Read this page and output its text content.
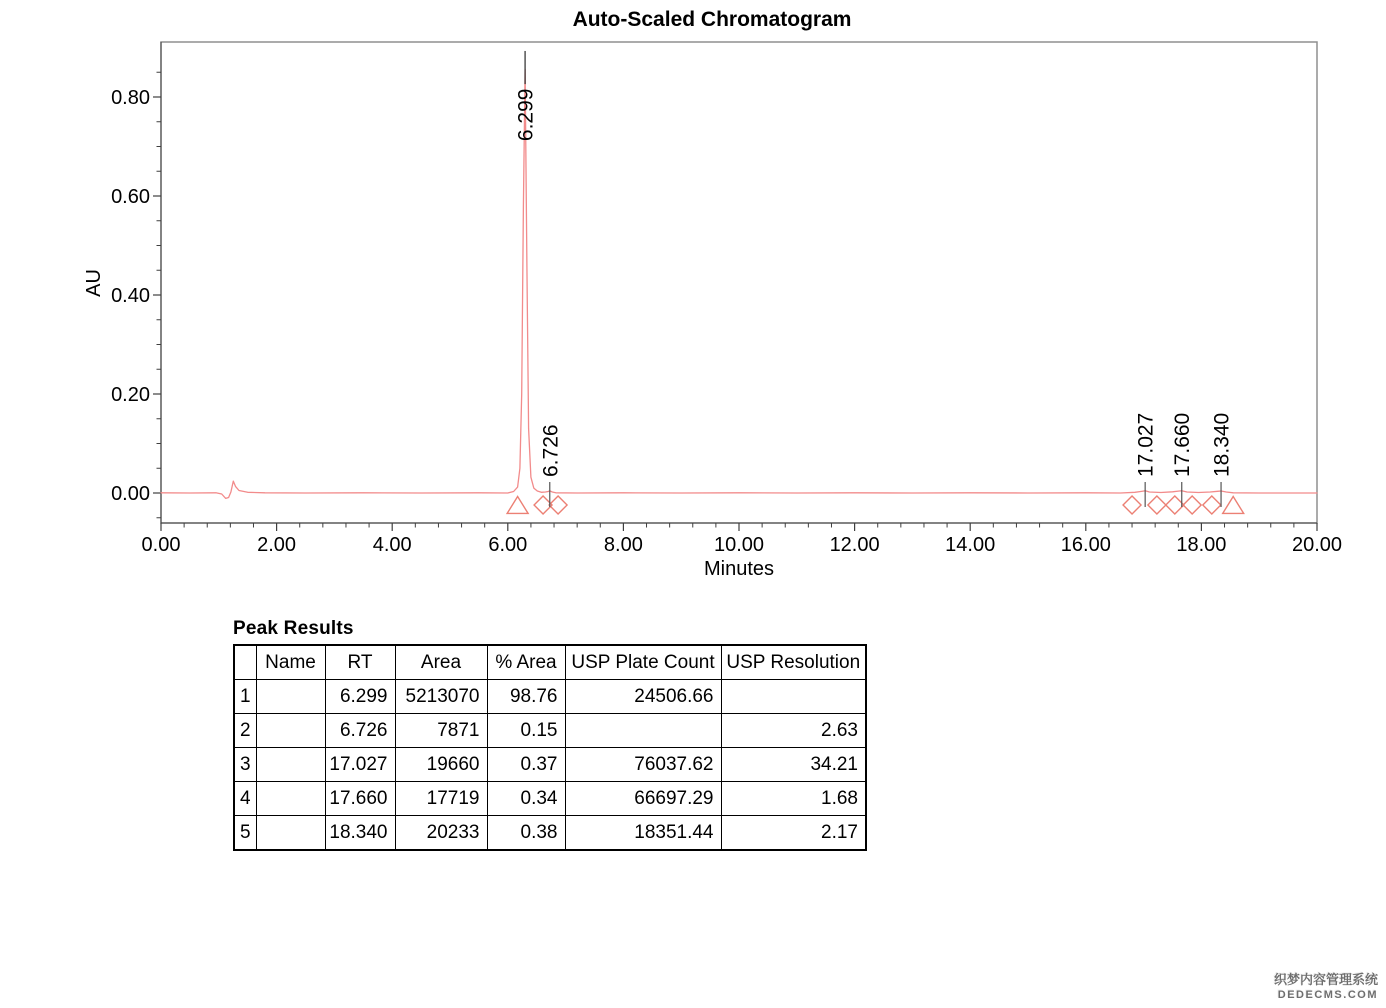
Auto-Scaled Chromatogram
Minutes
AU
0.00	2.00	4.00	6.00	8.00	10.00	12.00	14.00	16.00	18.00	20.00
0.00
0.20
0.40
0.60
0.80	6.299
6.726	17.027 17.660 18.340
Peak Results
	Name	RT	Area	% Area	USP Plate Count	USP Resolution
1		6.299	5213070	98.76	24506.66	
2		6.726	7871	0.15		2.63
3		17.027	19660	0.37	76037.62	34.21
4		17.660	17719	0.34	66697.29	1.68
5		18.340	20233	0.38	18351.44	2.17
织梦内容管理系统
DEDECMS.COM
